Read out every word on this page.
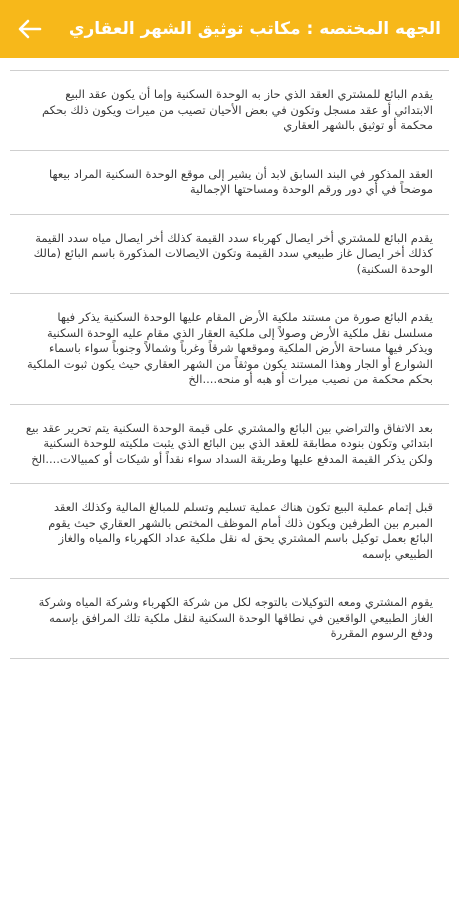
الجهه المختصه : مكاتب توثيق الشهر العقاري
يقدم البائع للمشتري العقد الذي حاز به الوحدة السكنية وإما أن يكون عقد البيع الابتدائي أو عقد مسجل وتكون في بعض الأحيان تصيب من ميرات ويكون ذلك بحكم محكمة أو توثيق بالشهر العقاري
العقد المذكور في البند السابق لابد أن يشير إلى موقع الوحدة السكنية المراد بيعها موضحاً في أي دور ورقم الوحدة ومساحتها الإجمالية
يقدم البائع للمشتري أخر ايصال كهرباء سدد القيمة كذلك أخر ايصال مياه سدد القيمة كذلك أخر ايصال غاز طبيعي سدد القيمة وتكون الايصالات المذكورة باسم البائع (مالك الوحدة السكنية)
يقدم البائع صورة من مستند ملكية الأرض المقام عليها الوحدة السكنية يذكر فيها مسلسل نقل ملكية الأرض وصولاً إلى ملكية العقار الذي مقام عليه الوحدة السكنية ويذكر فيها مساحة الأرض الملكية وموقعها شرقاً وغرباً وشمالاً وجنوباً سواء باسماء الشوارع أو الجار وهذا المستند يكون موثقاً من الشهر العقاري حيث يكون ثبوت الملكية بحكم محكمة من نصيب ميرات أو هبه أو منحه....الخ
بعد الاتفاق والتراضي بين البائع والمشتري على قيمة الوحدة السكنية يتم تحرير عقد بيع ابتدائي وتكون بنوده مطابقة للعقد الذي بين البائع الذي يثبت ملكيته للوحدة السكنية ولكن يذكر القيمة المدفع عليها وطريقة السداد سواء نقداً أو شيكات أو كمبيالات....الخ
قبل إتمام عملية البيع تكون هناك عملية تسليم وتسلم للمبالغ المالية وكذلك العقد المبرم بين الطرفين ويكون ذلك أمام الموظف المختص بالشهر العقاري حيث يقوم البائع بعمل توكيل باسم المشتري يحق له نقل ملكية عداد الكهرباء والمياه والغاز الطبيعي بإسمه
يقوم المشتري ومعه التوكيلات بالتوجه لكل من شركة الكهرباء وشركة المياه وشركة الغاز الطبيعي الواقعين في نطاقها الوحدة السكنية لنقل ملكية تلك المرافق بإسمه ودفع الرسوم المقررة
